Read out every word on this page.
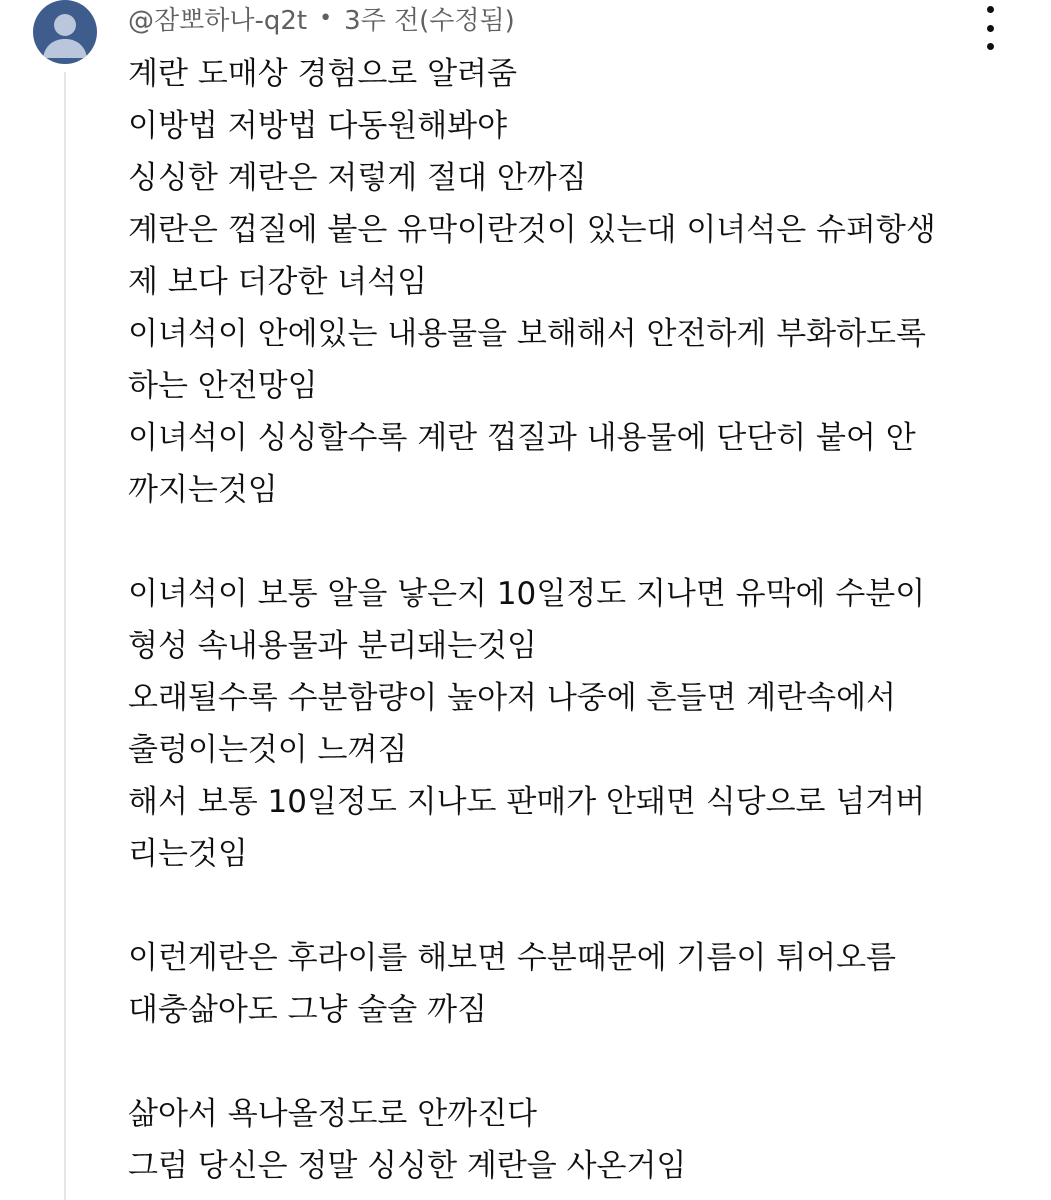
@잠뽀하나-q2t • 3주 전(수정됨)

계란 도매상 경험으로 알려줌

이방법 저방법 다동원해봐야

싱싱한 계란은 저렇게 절대 안까짐

계란은 껍질에 붙은 유막이란것이 있는대 이녀석은 슈퍼항생

제 보다 더강한 녀석임

이녀석이 안에있는 내용물을 보해해서 안전하게 부화하도록

하는 안전망임

이녀석이 싱싱할수록 계란 껍질과 내용물에 단단히 붙어 안

까지는것임

이녀석이 보통 알을 낳은지 10일정도 지나면 유막에 수분이

형성 속내용물과 분리돼는것임

오래될수록 수분함량이 높아저 나중에 흔들면 계란속에서

출렁이는것이 느껴짐

해서 보통 10일정도 지나도 판매가 안돼면 식당으로 넘겨버

리는것임

이런게란은 후라이를 해보면 수분때문에 기름이 튀어오름

대충삶아도 그냥 술술 까짐

삶아서 욕나올정도로 안까진다

그럼 당신은 정말 싱싱한 계란을 사온거임
